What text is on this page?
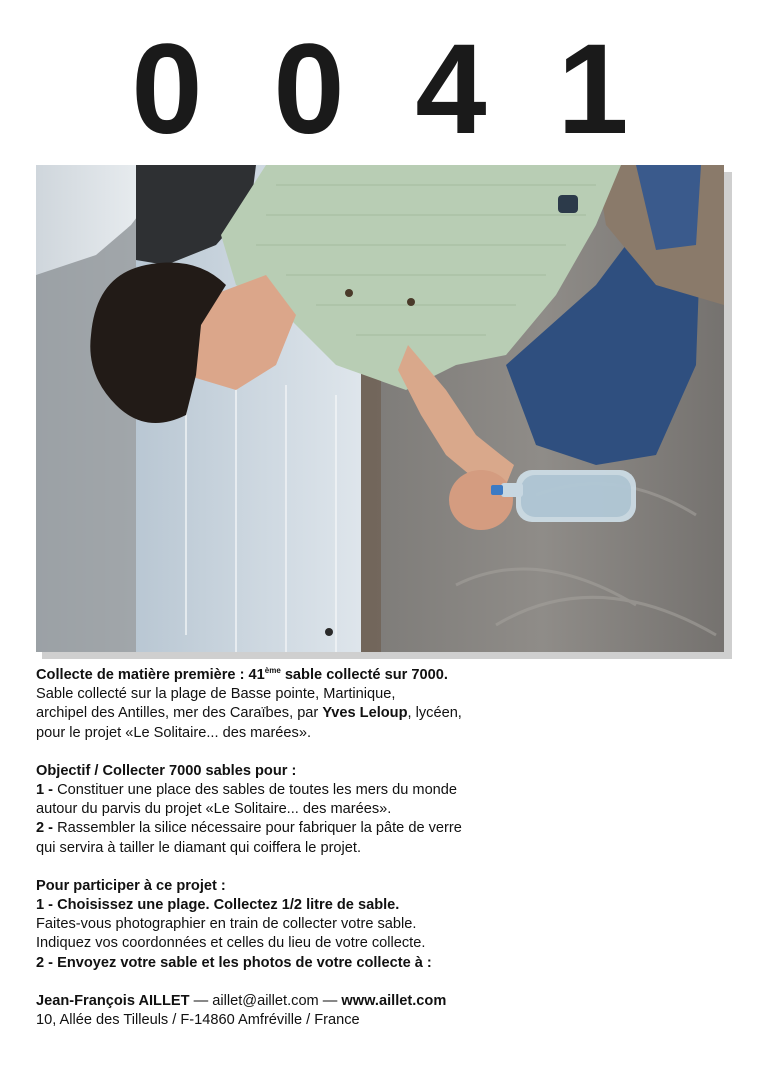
0 0 4 1

Collecte de matière première : 41ème sable collecté sur 7000.

Sable collecté sur la plage de Basse pointe, Martinique,

archipel des Antilles, mer des Caraïbes, par Yves Leloup, lycéen,

pour le projet «Le Solitaire... des marées».

Objectif / Collecter 7000 sables pour :

1 - Constituer une place des sables de toutes les mers du monde

autour du parvis du projet «Le Solitaire... des marées».

2 - Rassembler la silice nécessaire pour fabriquer la pâte de verre

qui servira à tailler le diamant qui coiffera le projet.

Pour participer à ce projet :

1 - Choisissez une plage. Collectez 1/2 litre de sable.

Faites-vous photographier en train de collecter votre sable.

Indiquez vos coordonnées et celles du lieu de votre collecte.

2 - Envoyez votre sable et les photos de votre collecte à :

Jean-François AILLET — aillet@aillet.com — www.aillet.com

10, Allée des Tilleuls / F-14860 Amfréville / France
